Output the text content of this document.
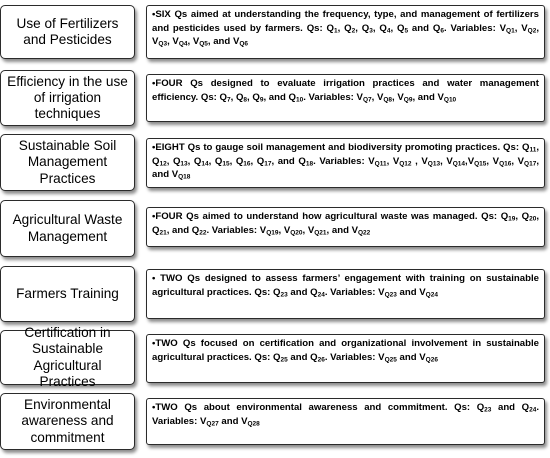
Use of Fertilizers and Pesticides
•SIX Qs aimed at understanding the frequency, type, and management of fertilizers and pesticides used by farmers. Qs: $Q_1$, $Q_2$, $Q_3$, $Q_4$, $Q_5$ and $Q_6$. Variables: $V_{Q1}$, $V_{Q2}$, $V_{Q3}$, $V_{Q4}$, $V_{Q5}$, and $V_{Q6}$
Efficiency in the use of irrigation techniques
•FOUR Qs designed to evaluate irrigation practices and water management efficiency. Qs: $Q_7$, $Q_8$, $Q_9$, and $Q_{10}$. Variables: $V_{Q7}$, $V_{Q8}$, $V_{Q9}$, and $V_{Q10}$
Sustainable Soil Management Practices
•EIGHT Qs to gauge soil management and biodiversity promoting practices. Qs: $Q_{11}$, $Q_{12}$, $Q_{13}$, $Q_{14}$, $Q_{15}$, $Q_{16}$, $Q_{17}$, and $Q_{18}$. Variables: $V_{Q11}$, $V_{Q12}$ , $V_{Q13}$, $V_{Q14},V_{Q15}$, $V_{Q16}$, $V_{Q17}$, and $V_{Q18}$
Agricultural Waste Management
•FOUR Qs aimed to understand how agricultural waste was managed. Qs: $Q_{19}$, $Q_{20}$, $Q_{21}$, and $Q_{22}$. Variables: $V_{Q19}$, $V_{Q20}$, $V_{Q21}$, and $V_{Q22}$
Farmers Training
• TWO Qs designed to assess farmers’ engagement with training on sustainable agricultural practices. Qs: $Q_{23}$ and $Q_{24}$. Variables: $V_{Q23}$ and $V_{Q24}$
Certification in Sustainable Agricultural Practices
•TWO Qs focused on certification and organizational involvement in sustainable agricultural practices. Qs: $Q_{25}$ and $Q_{26}$. Variables: $V_{Q25}$ and $V_{Q26}$
Environmental awareness and commitment
•TWO Qs about environmental awareness and commitment. Qs: $Q_{23}$ and $Q_{24}$. Variables: $V_{Q27}$ and $V_{Q28}$
